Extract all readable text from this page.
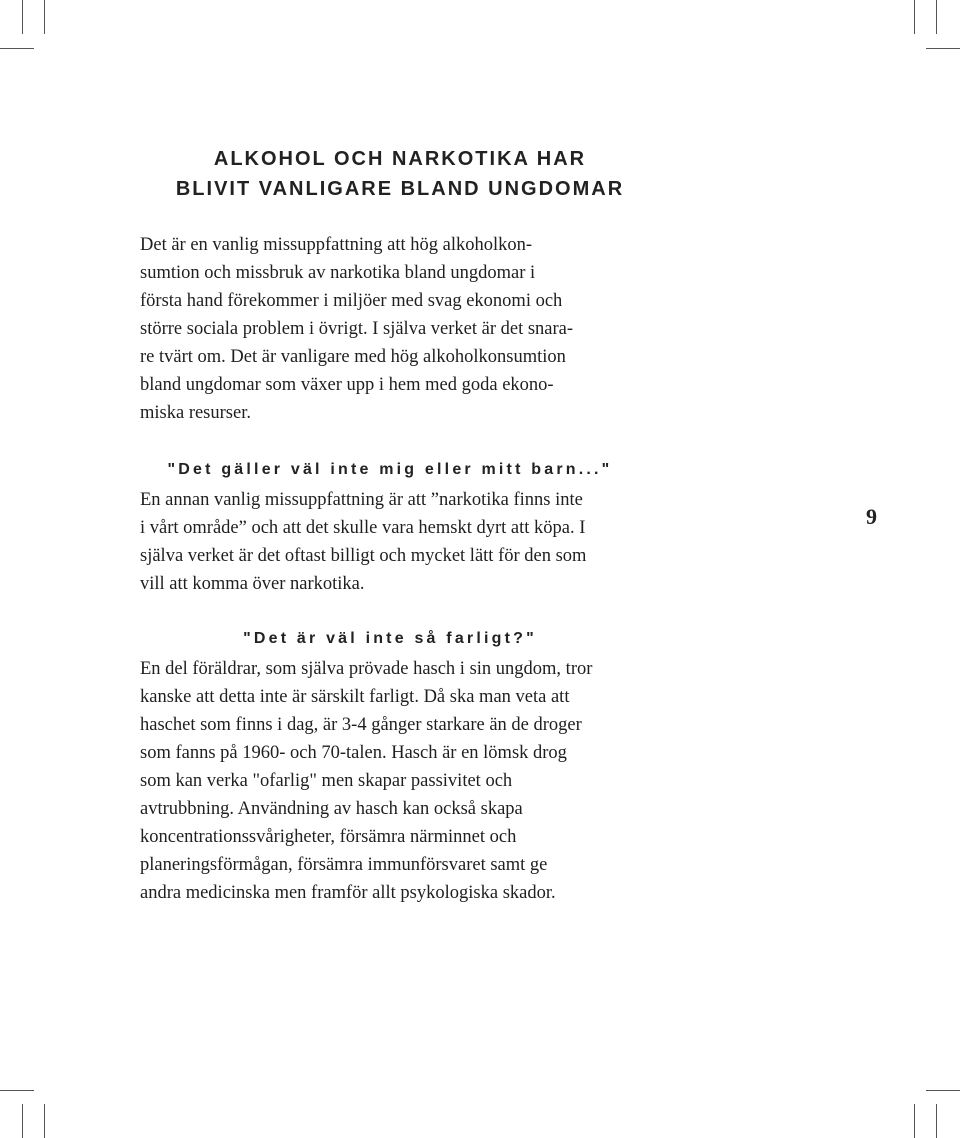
ALKOHOL OCH NARKOTIKA HAR
BLIVIT VANLIGARE BLAND UNGDOMAR

Det är en vanlig missuppfattning att hög alkoholkon-
sumtion och missbruk av narkotika bland ungdomar i
första hand förekommer i miljöer med svag ekonomi och
större sociala problem i övrigt. I själva verket är det snara-
re tvärt om. Det är vanligare med hög alkoholkonsumtion
bland ungdomar som växer upp i hem med goda ekono-
miska resurser.

"Det gäller väl inte mig eller mitt barn..."

En annan vanlig missuppfattning är att ”narkotika finns inte
i vårt område” och att det skulle vara hemskt dyrt att köpa. I
själva verket är det oftast billigt och mycket lätt för den som
vill att komma över narkotika.

"Det är väl inte så farligt?"

En del föräldrar, som själva prövade hasch i sin ungdom, tror
kanske att detta inte är särskilt farligt. Då ska man veta att
haschet som finns i dag, är 3-4 gånger starkare än de droger
som fanns på 1960- och 70-talen. Hasch är en lömsk drog
som kan verka "ofarlig" men skapar passivitet och
avtrubbning. Användning av hasch kan också skapa
koncentrationssvårigheter, försämra närminnet och
planeringsförmågan, försämra immunförsvaret samt ge
andra medicinska men framför allt psykologiska skador.

9
